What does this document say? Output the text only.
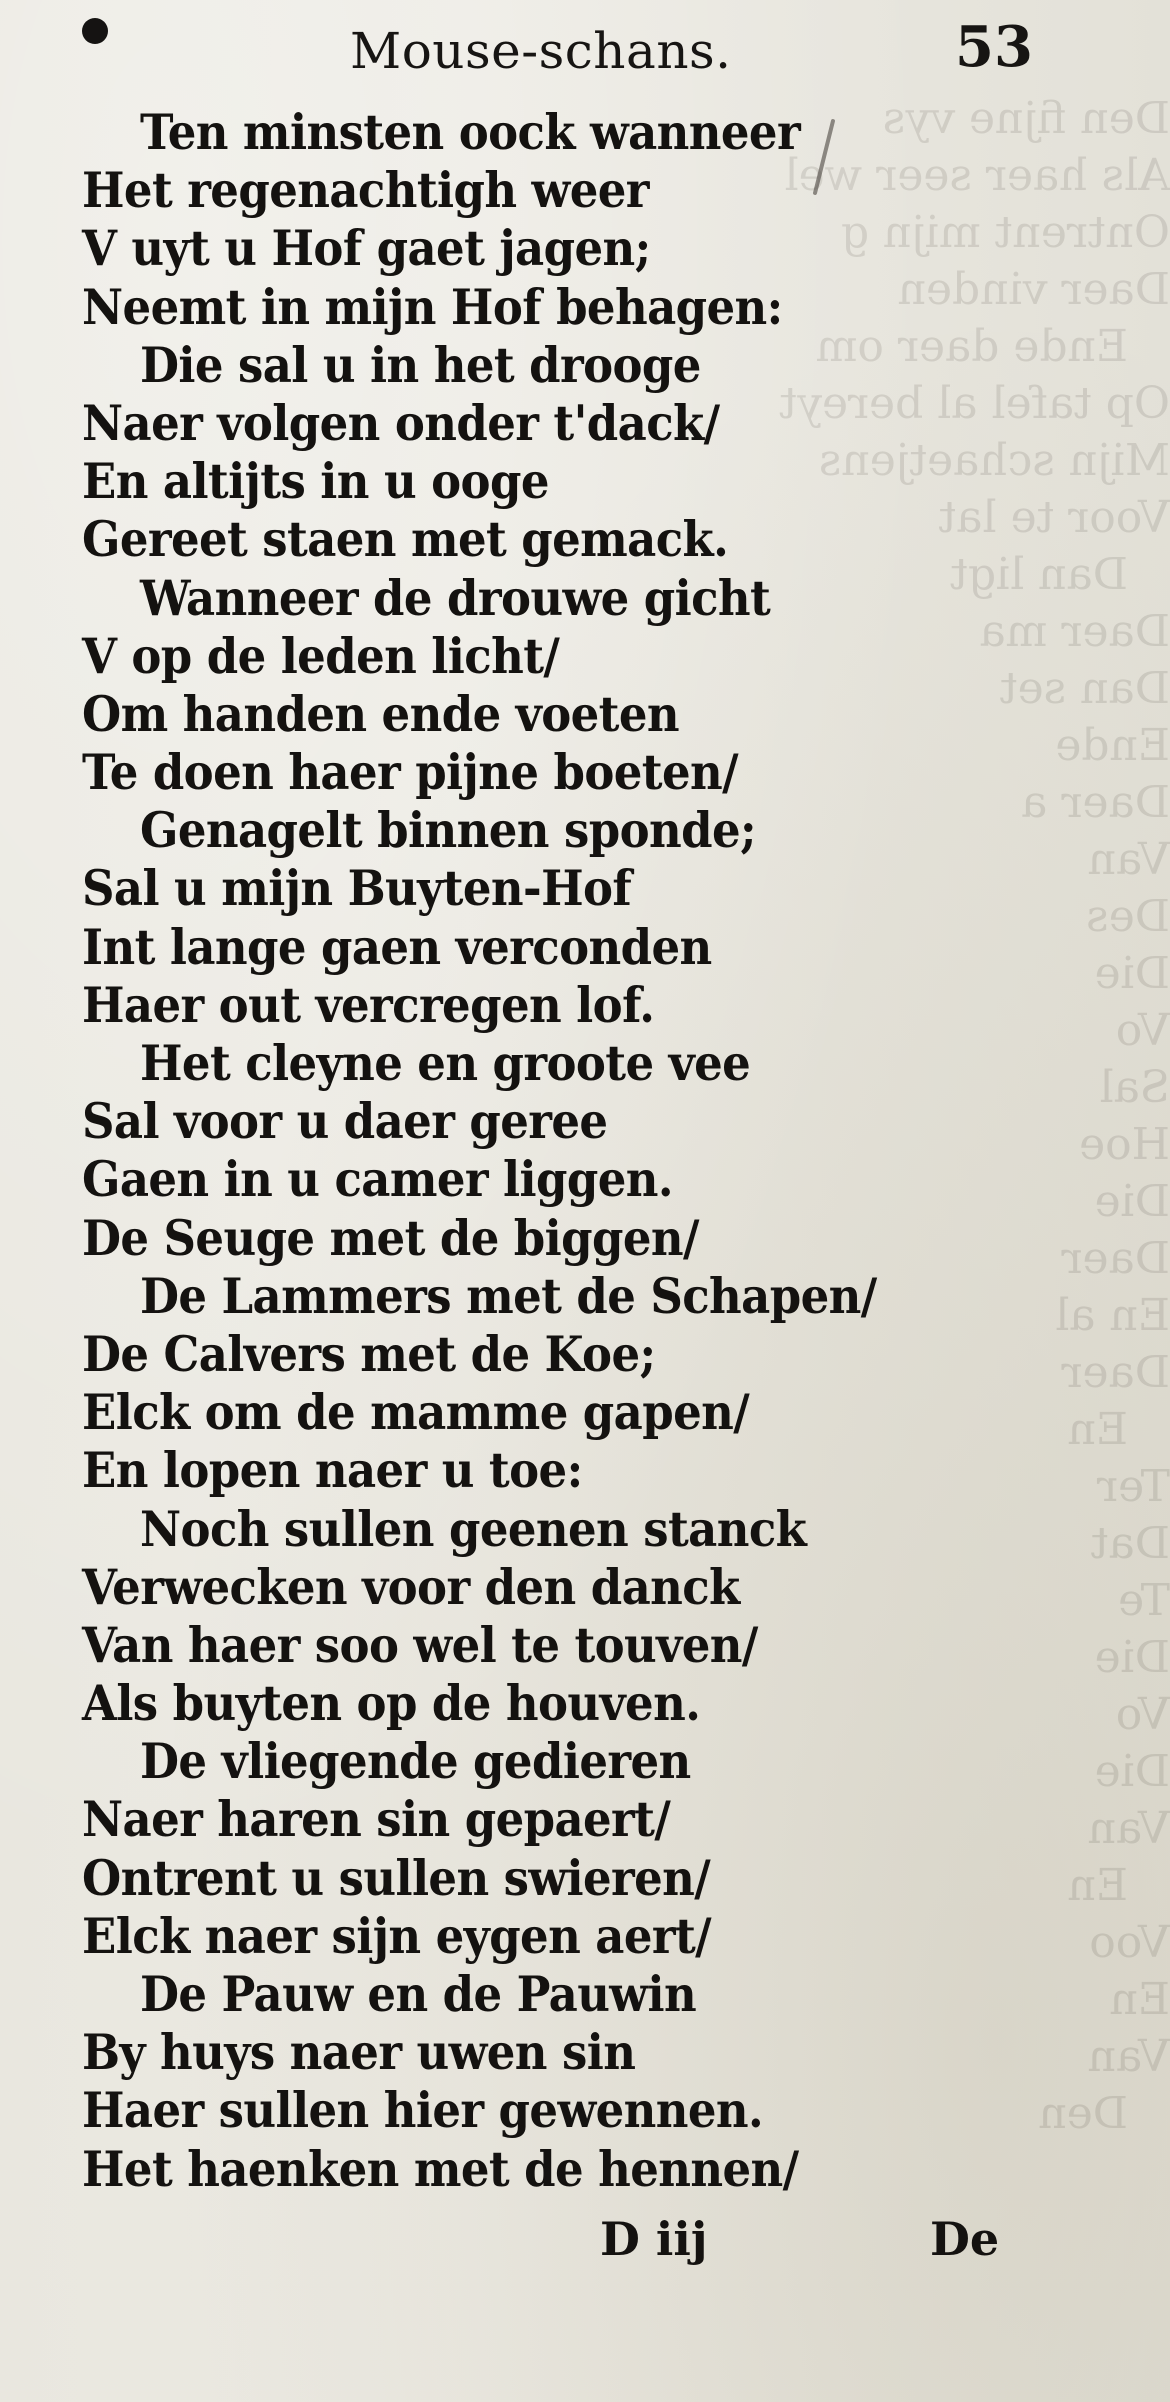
Den fijne vys
Als haer seer wel
Ontrent mijn g
Daer vinden
Ende daer om
Op tafel al bereyt
Mijn schaetjens
Voor te lat
Dan ligt
Daer ma
Dan set
Ende
Daer a
Van
Des
Die
Vo
Sal
Hoe
Die
Daer
En al
Daer
En
Ter
Dat
Te
Die
Vo
Die
Van
En
Voo
En
Van
Den
Mouse-schans.	53
Ten minsten oock wanneer
Het regenachtigh weer
V uyt u Hof gaet jagen;
Neemt in mijn Hof behagen:
Die sal u in het drooge
Naer volgen onder t'dack/
En altijts in u ooge
Gereet staen met gemack.
Wanneer de drouwe gicht
V op de leden licht/
Om handen ende voeten
Te doen haer pijne boeten/
Genagelt binnen sponde;
Sal u mijn Buyten-Hof
Int lange gaen verconden
Haer out vercregen lof.
Het cleyne en groote vee
Sal voor u daer geree
Gaen in u camer liggen.
De Seuge met de biggen/
De Lammers met de Schapen/
De Calvers met de Koe;
Elck om de mamme gapen/
En lopen naer u toe:
Noch sullen geenen stanck
Verwecken voor den danck
Van haer soo wel te touven/
Als buyten op de houven.
De vliegende gedieren
Naer haren sin gepaert/
Ontrent u sullen swieren/
Elck naer sijn eygen aert/
De Pauw en de Pauwin
By huys naer uwen sin
Haer sullen hier gewennen.
Het haenken met de hennen/
D iij	De
